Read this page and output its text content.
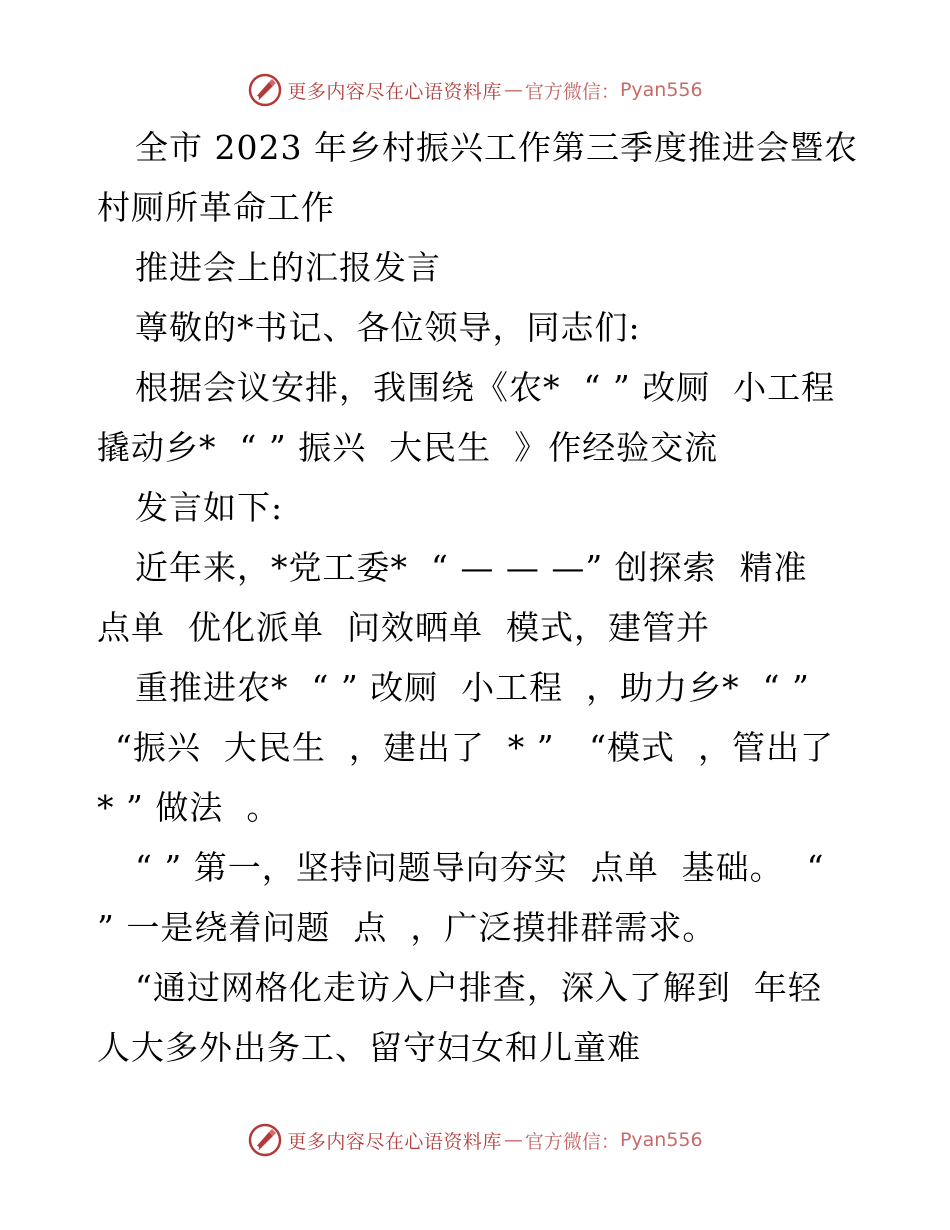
更多内容尽在心语资料库 — 官方微信： Pyan556
全市 2023 年乡村振兴工作第三季度推进会暨农
村厕所革命工作
推进会上的汇报发言
尊敬的*书记、各位领导，同志们:
根据会议安排，我围绕《农*  “ ” 改厕  小工程
撬动乡*  “ ” 振兴  大民生  》作经验交流
发言如下:
近年来，*党工委*  “ — — —” 创探索  精准
点单  优化派单  问效晒单  模式，建管并
重推进农*  “ ” 改厕  小工程  ，助力乡*  “ ”
“振兴  大民生  ，建出了  * ”   “模式  ，管出了
* ” 做法  。
“ ” 第一，坚持问题导向夯实  点单  基础。  “
” 一是绕着问题  点  ，广泛摸排群需求。
“通过网格化走访入户排查，深入了解到  年轻
人大多外出务工、留守妇女和儿童难
更多内容尽在心语资料库 — 官方微信： Pyan556
